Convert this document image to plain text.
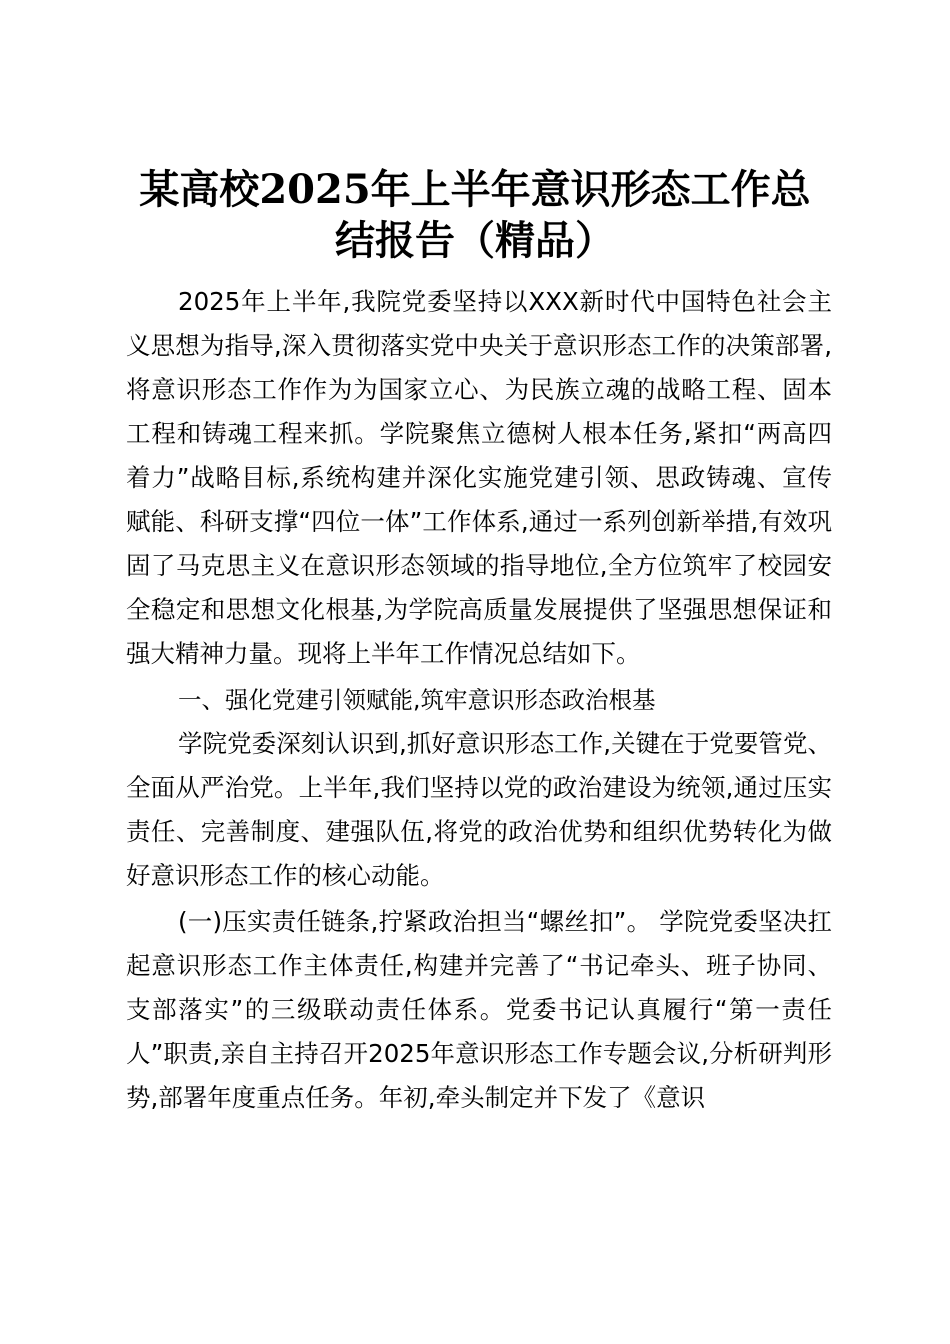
某高校2025年上半年意识形态工作总结报告（精品）

2025年上半年,我院党委坚持以XXX新时代中国特色社会主义思想为指导,深入贯彻落实党中央关于意识形态工作的决策部署,将意识形态工作作为为国家立心、为民族立魂的战略工程、固本工程和铸魂工程来抓。学院聚焦立德树人根本任务,紧扣“两高四着力”战略目标,系统构建并深化实施党建引领、思政铸魂、宣传赋能、科研支撑“四位一体”工作体系,通过一系列创新举措,有效巩固了马克思主义在意识形态领域的指导地位,全方位筑牢了校园安全稳定和思想文化根基,为学院高质量发展提供了坚强思想保证和强大精神力量。现将上半年工作情况总结如下。

一、强化党建引领赋能,筑牢意识形态政治根基

学院党委深刻认识到,抓好意识形态工作,关键在于党要管党、全面从严治党。上半年,我们坚持以党的政治建设为统领,通过压实责任、完善制度、建强队伍,将党的政治优势和组织优势转化为做好意识形态工作的核心动能。

(一)压实责任链条,拧紧政治担当“螺丝扣”。 学院党委坚决扛起意识形态工作主体责任,构建并完善了“书记牵头、班子协同、支部落实”的三级联动责任体系。党委书记认真履行“第一责任人”职责,亲自主持召开2025年意识形态工作专题会议,分析研判形势,部署年度重点任务。年初,牵头制定并下发了《意识
